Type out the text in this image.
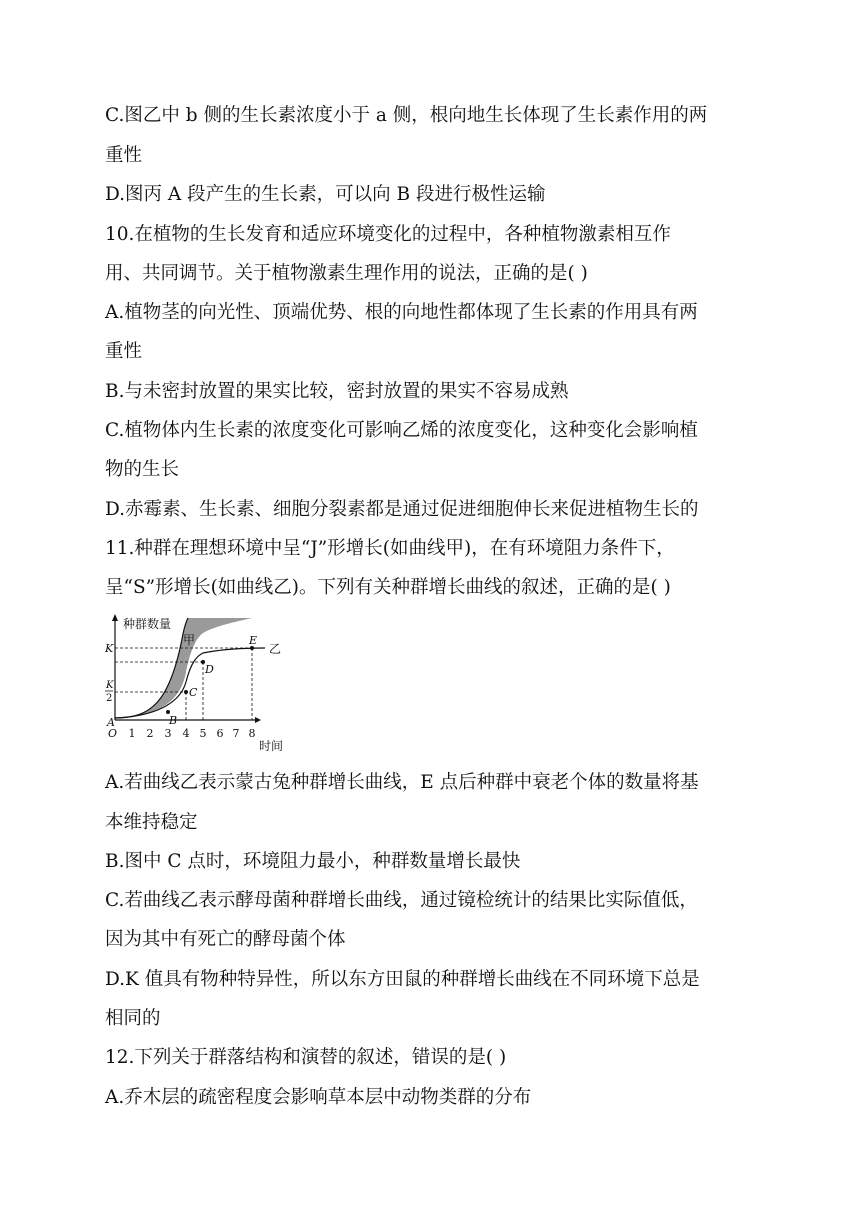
C.图乙中 b 侧的生长素浓度小于 a 侧，根向地生长体现了生长素作用的两
重性
D.图丙 A 段产生的生长素，可以向 B 段进行极性运输
10.在植物的生长发育和适应环境变化的过程中，各种植物激素相互作
用、共同调节。关于植物激素生理作用的说法，正确的是( )
A.植物茎的向光性、顶端优势、根的向地性都体现了生长素的作用具有两
重性
B.与未密封放置的果实比较，密封放置的果实不容易成熟
C.植物体内生长素的浓度变化可影响乙烯的浓度变化，这种变化会影响植
物的生长
D.赤霉素、生长素、细胞分裂素都是通过促进细胞伸长来促进植物生长的
11.种群在理想环境中呈“J”形增长(如曲线甲)，在有环境阻力条件下，
呈“S”形增长(如曲线乙)。下列有关种群增长曲线的叙述，正确的是( )
A.若曲线乙表示蒙古兔种群增长曲线，E 点后种群中衰老个体的数量将基
本维持稳定
B.图中 C 点时，环境阻力最小，种群数量增长最快
C.若曲线乙表示酵母菌种群增长曲线，通过镜检统计的结果比实际值低，
因为其中有死亡的酵母菌个体
D.K 值具有物种特异性，所以东方田鼠的种群增长曲线在不同环境下总是
相同的
12.下列关于群落结构和演替的叙述，错误的是( )
A.乔木层的疏密程度会影响草本层中动物类群的分布
种群数量
甲
乙
K
K
2
A	B
C
D
E
O 1 2 3 4 5 6 7 8
时间
